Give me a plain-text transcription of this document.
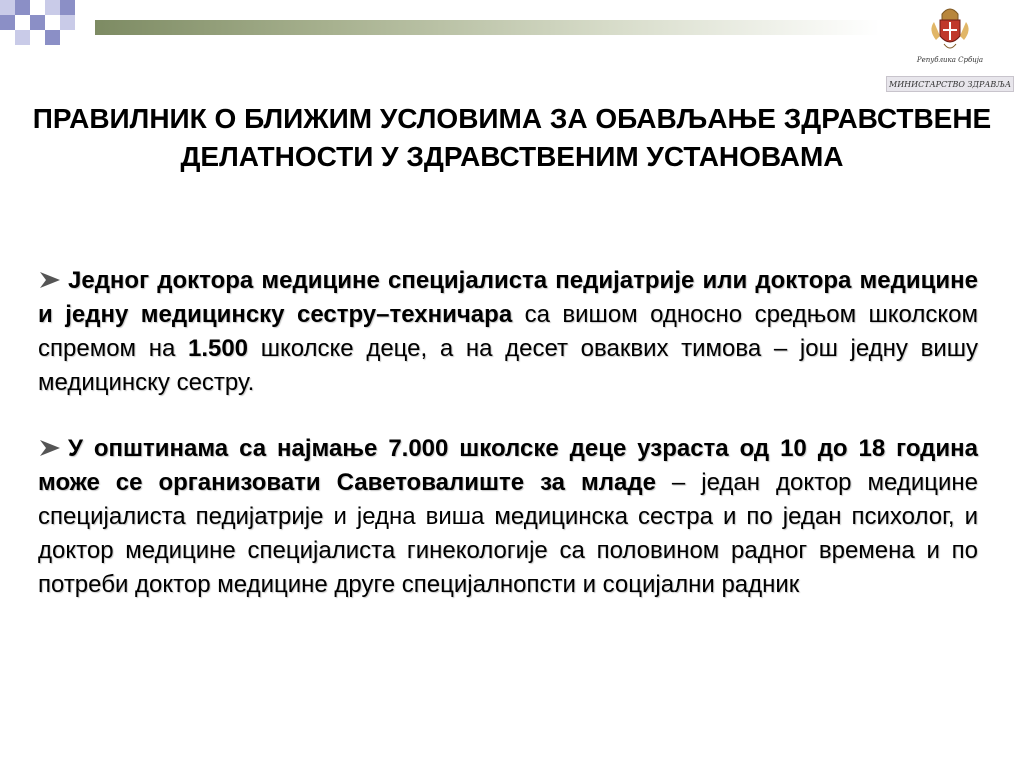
Република Србија
МИНИСТАРСТВО ЗДРАВЉА
ПРАВИЛНИК О БЛИЖИМ УСЛОВИМА ЗА ОБАВЉАЊЕ ЗДРАВСТВЕНЕ ДЕЛАТНОСТИ У ЗДРАВСТВЕНИМ УСТАНОВАМА
Једног доктора медицине специјалиста педијатрије или доктора медицине и једну медицинску сестру–техничара са вишом односно средњом школском спремом на 1.500 школске деце, а на десет оваквих тимова – још једну вишу медицинску сестру.
У општинама са најмање 7.000 школске деце узраста од 10 до 18 година може се организовати Саветовалиште за младе – један доктор медицине специјалиста педијатрије и једна виша медицинска сестра и по један психолог, и доктор медицине специјалиста гинекологије са половином радног времена и по потреби доктор медицине друге специјалнопсти и социјални радник
